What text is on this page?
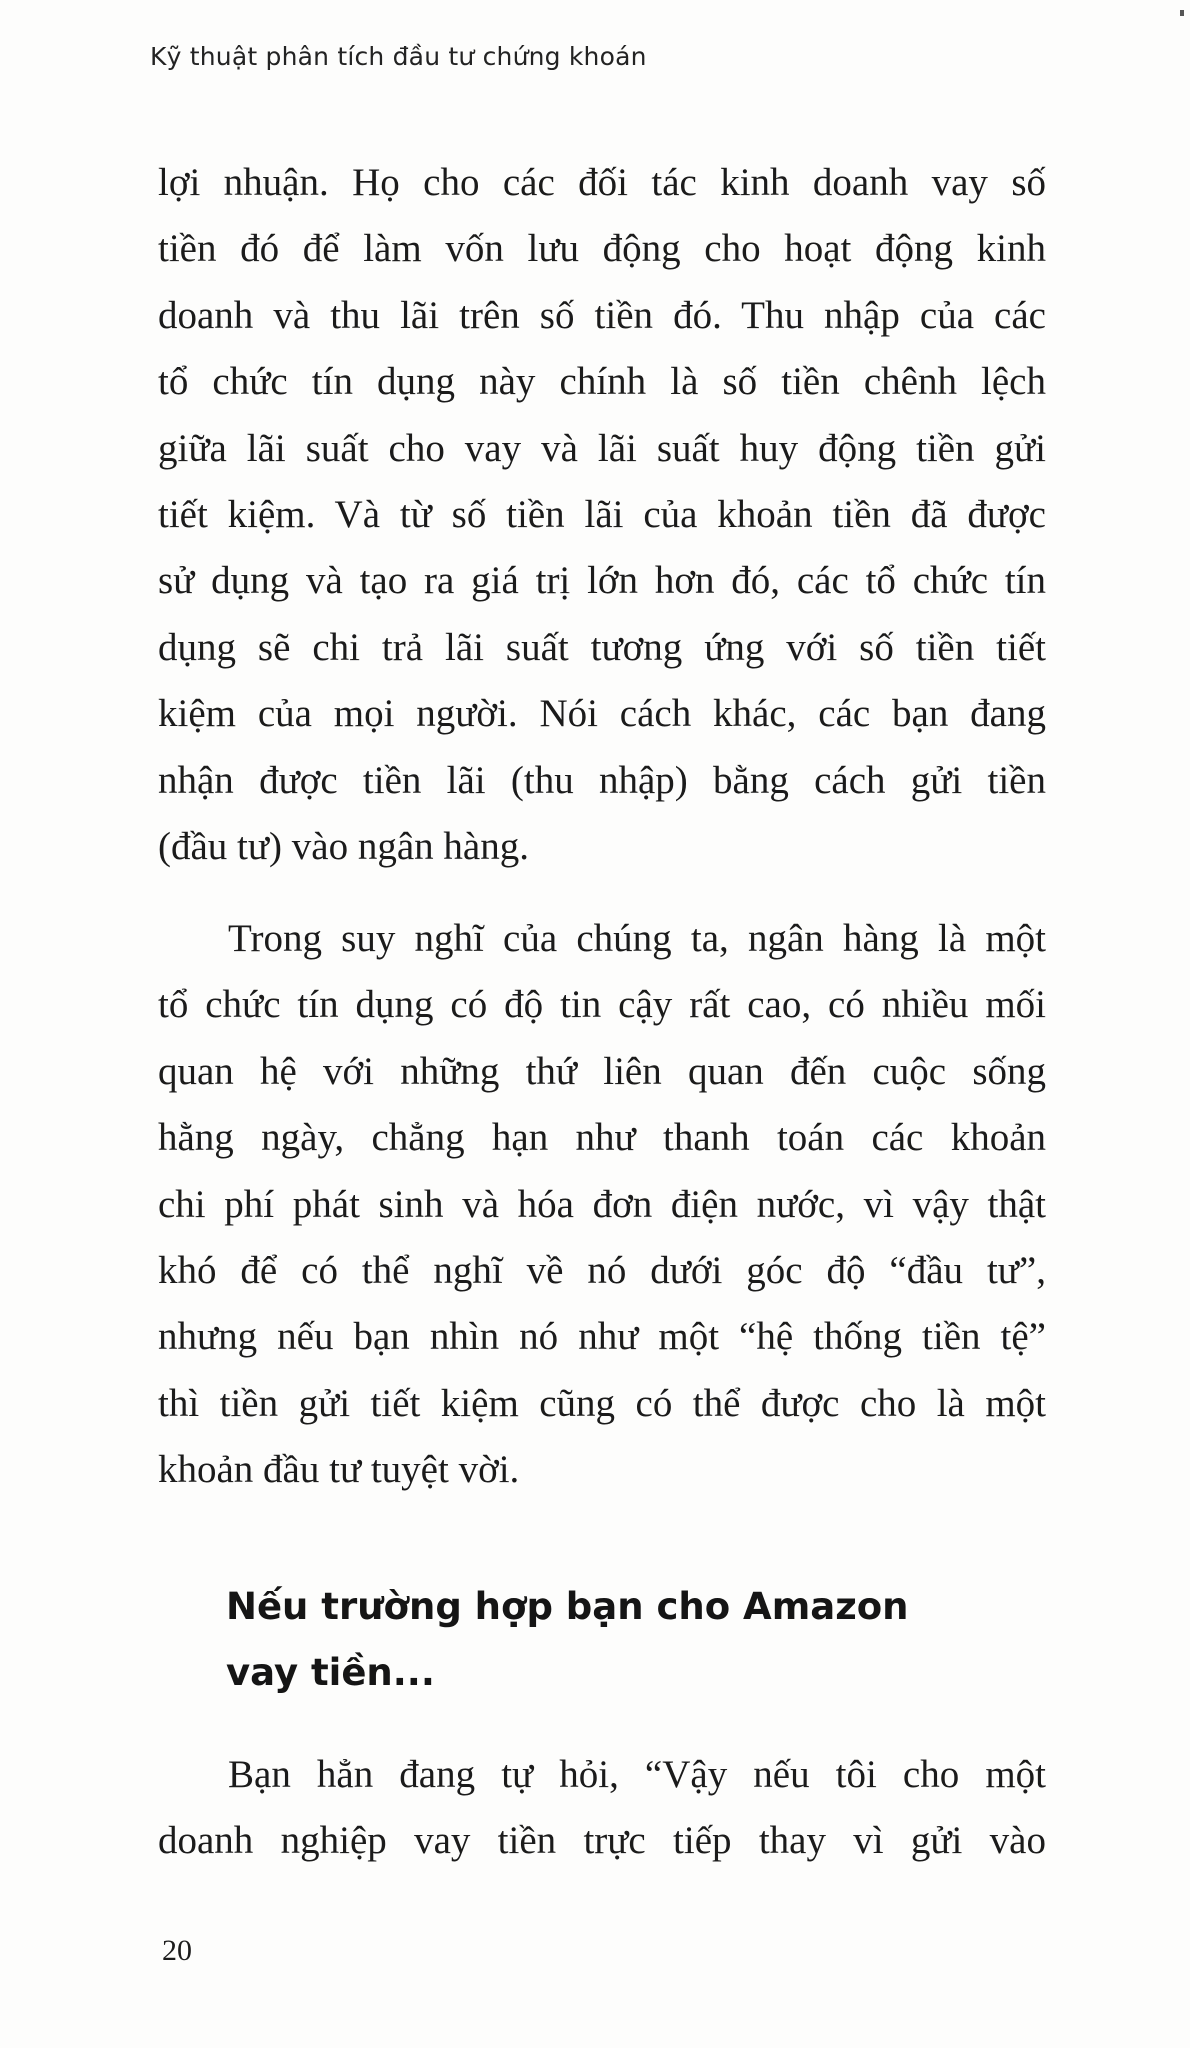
Kỹ thuật phân tích đầu tư chứng khoán
lợi nhuận. Họ cho các đối tác kinh doanh vay số
tiền đó để làm vốn lưu động cho hoạt động kinh
doanh và thu lãi trên số tiền đó. Thu nhập của các
tổ chức tín dụng này chính là số tiền chênh lệch
giữa lãi suất cho vay và lãi suất huy động tiền gửi
tiết kiệm. Và từ số tiền lãi của khoản tiền đã được
sử dụng và tạo ra giá trị lớn hơn đó, các tổ chức tín
dụng sẽ chi trả lãi suất tương ứng với số tiền tiết
kiệm của mọi người. Nói cách khác, các bạn đang
nhận được tiền lãi (thu nhập) bằng cách gửi tiền
(đầu tư) vào ngân hàng.
Trong suy nghĩ của chúng ta, ngân hàng là một
tổ chức tín dụng có độ tin cậy rất cao, có nhiều mối
quan hệ với những thứ liên quan đến cuộc sống
hằng ngày, chẳng hạn như thanh toán các khoản
chi phí phát sinh và hóa đơn điện nước, vì vậy thật
khó để có thể nghĩ về nó dưới góc độ “đầu tư”,
nhưng nếu bạn nhìn nó như một “hệ thống tiền tệ”
thì tiền gửi tiết kiệm cũng có thể được cho là một
khoản đầu tư tuyệt vời.
Nếu trường hợp bạn cho Amazon
vay tiền...
Bạn hẳn đang tự hỏi, “Vậy nếu tôi cho một
doanh nghiệp vay tiền trực tiếp thay vì gửi vào
20
